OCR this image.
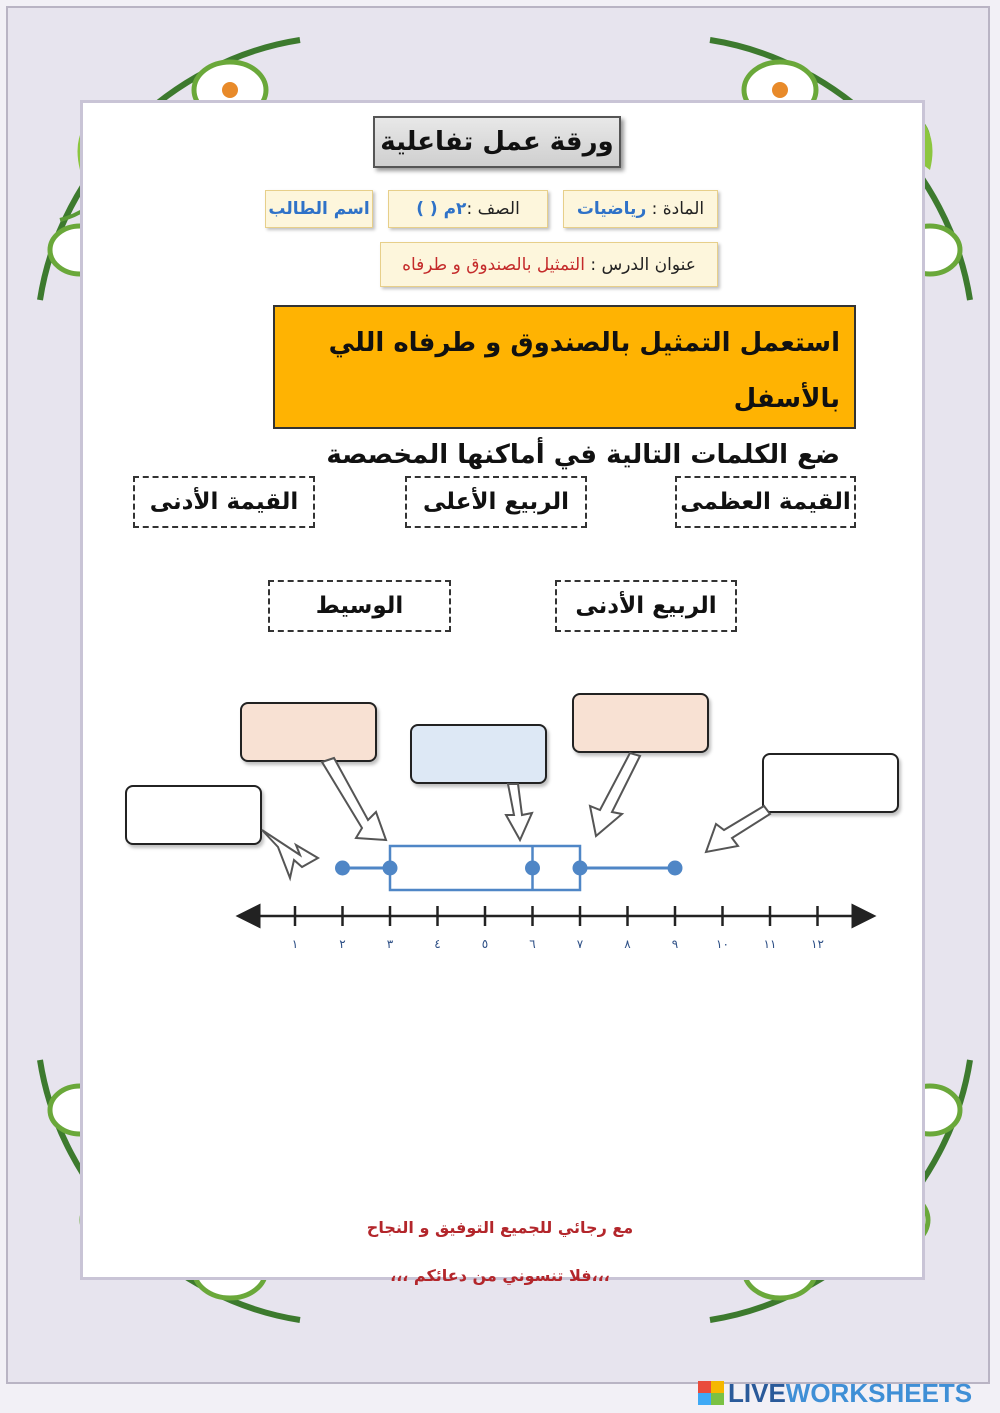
ورقة عمل تفاعلية
المادة :

رياضيات
الصف :
٢م ( )
اسم الطالب
عنوان الدرس :

التمثيل بالصندوق و طرفاه
استعمل التمثيل بالصندوق و طرفاه اللي بالأسفل
ضع الكلمات التالية في أماكنها المخصصة
القيمة العظمى
الربيع الأعلى
القيمة الأدنى
الربيع الأدنى
الوسيط
١	٢	٣	٤	٥	٦	٧	٨	٩	١٠	١١	١٢
مع رجائي للجميع التوفيق و النجاح
،،،فلا تنسوني من دعائكم ،،،
LIVEWORKSHEETS
